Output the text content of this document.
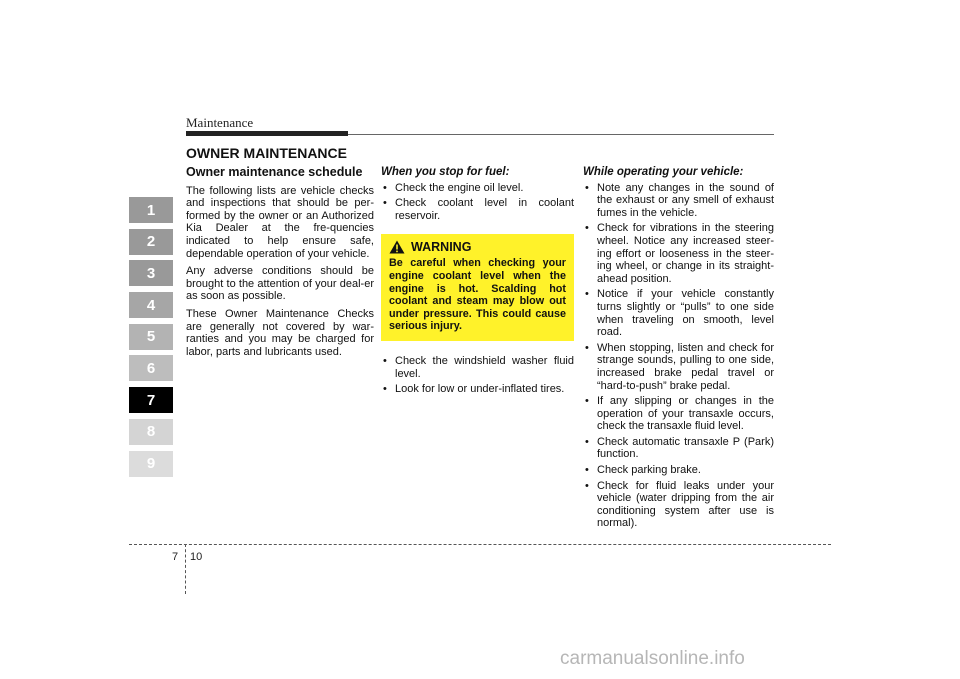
Maintenance
OWNER MAINTENANCE
1
2
3
4
5
6
7
8
9
Owner maintenance schedule

The following lists are vehicle checks and inspections that should be per-formed by the owner or an Authorized Kia Dealer at the fre-quencies indicated to help ensure safe, dependable operation of your vehicle.

Any adverse conditions should be brought to the attention of your deal-er as soon as possible.

These Owner Maintenance Checks are generally not covered by war-ranties and you may be charged for labor, parts and lubricants used.

When you stop for fuel:
• Check the engine oil level.
• Check coolant level in coolant reservoir.
WARNING
Be careful when checking your engine coolant level when the engine is hot. Scalding hot coolant and steam may blow out under pressure. This could cause serious injury.
• Check the windshield washer fluid level.
• Look for low or under-inflated tires.
While operating your vehicle:
• Note any changes in the sound of the exhaust or any smell of exhaust fumes in the vehicle.
• Check for vibrations in the steering wheel. Notice any increased steer-ing effort or looseness in the steer-ing wheel, or change in its straight-ahead position.
• Notice if your vehicle constantly turns slightly or “pulls” to one side when traveling on smooth, level road.
• When stopping, listen and check for strange sounds, pulling to one side, increased brake pedal travel or “hard-to-push” brake pedal.
• If any slipping or changes in the operation of your transaxle occurs, check the transaxle fluid level.
• Check automatic transaxle P (Park) function.
• Check parking brake.
• Check for fluid leaks under your vehicle (water dripping from the air conditioning system after use is normal).
7 10
carmanualsonline.info
